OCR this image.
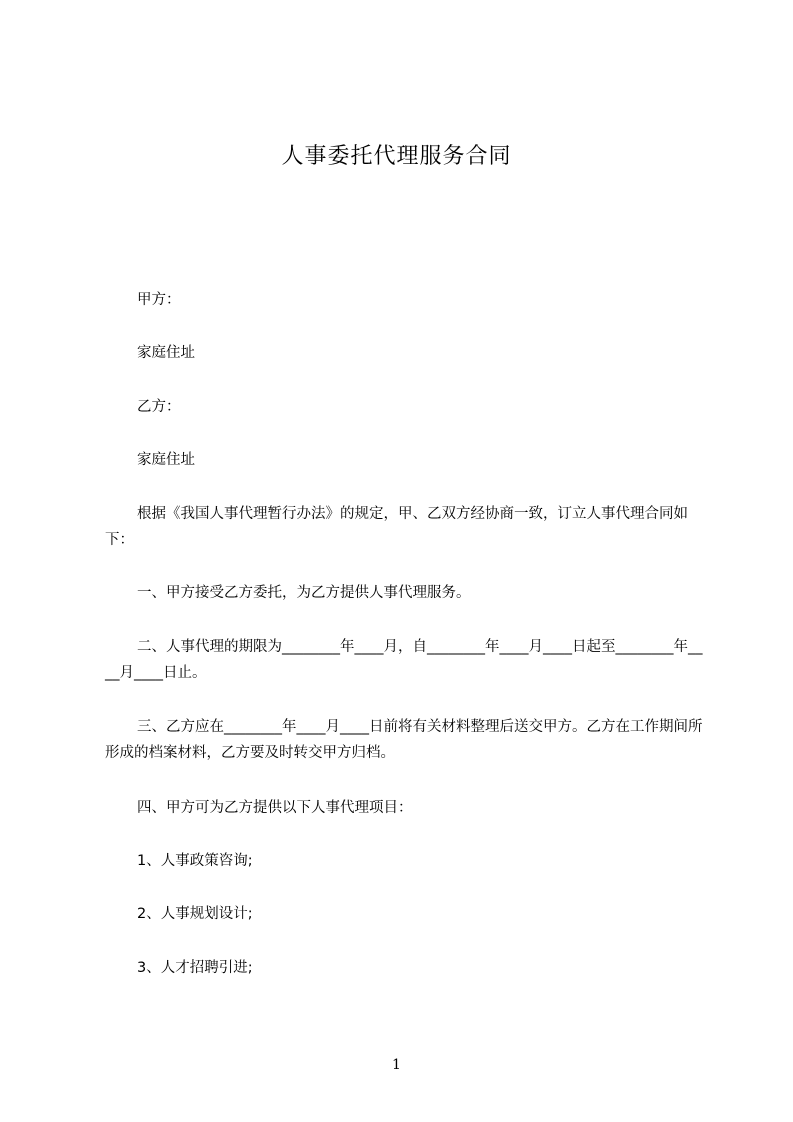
人事委托代理服务合同
甲方：
家庭住址
乙方：
家庭住址
根据《我国人事代理暂行办法》的规定，甲、乙双方经协商一致，订立人事代理合同如下：
一、甲方接受乙方委托，为乙方提供人事代理服务。
二、人事代理的期限为________年____月，自________年____月____日起至________年____月____日止。
三、乙方应在________年____月____日前将有关材料整理后送交甲方。乙方在工作期间所形成的档案材料，乙方要及时转交甲方归档。
四、甲方可为乙方提供以下人事代理项目：
1、人事政策咨询;
2、人事规划设计;
3、人才招聘引进;
1
